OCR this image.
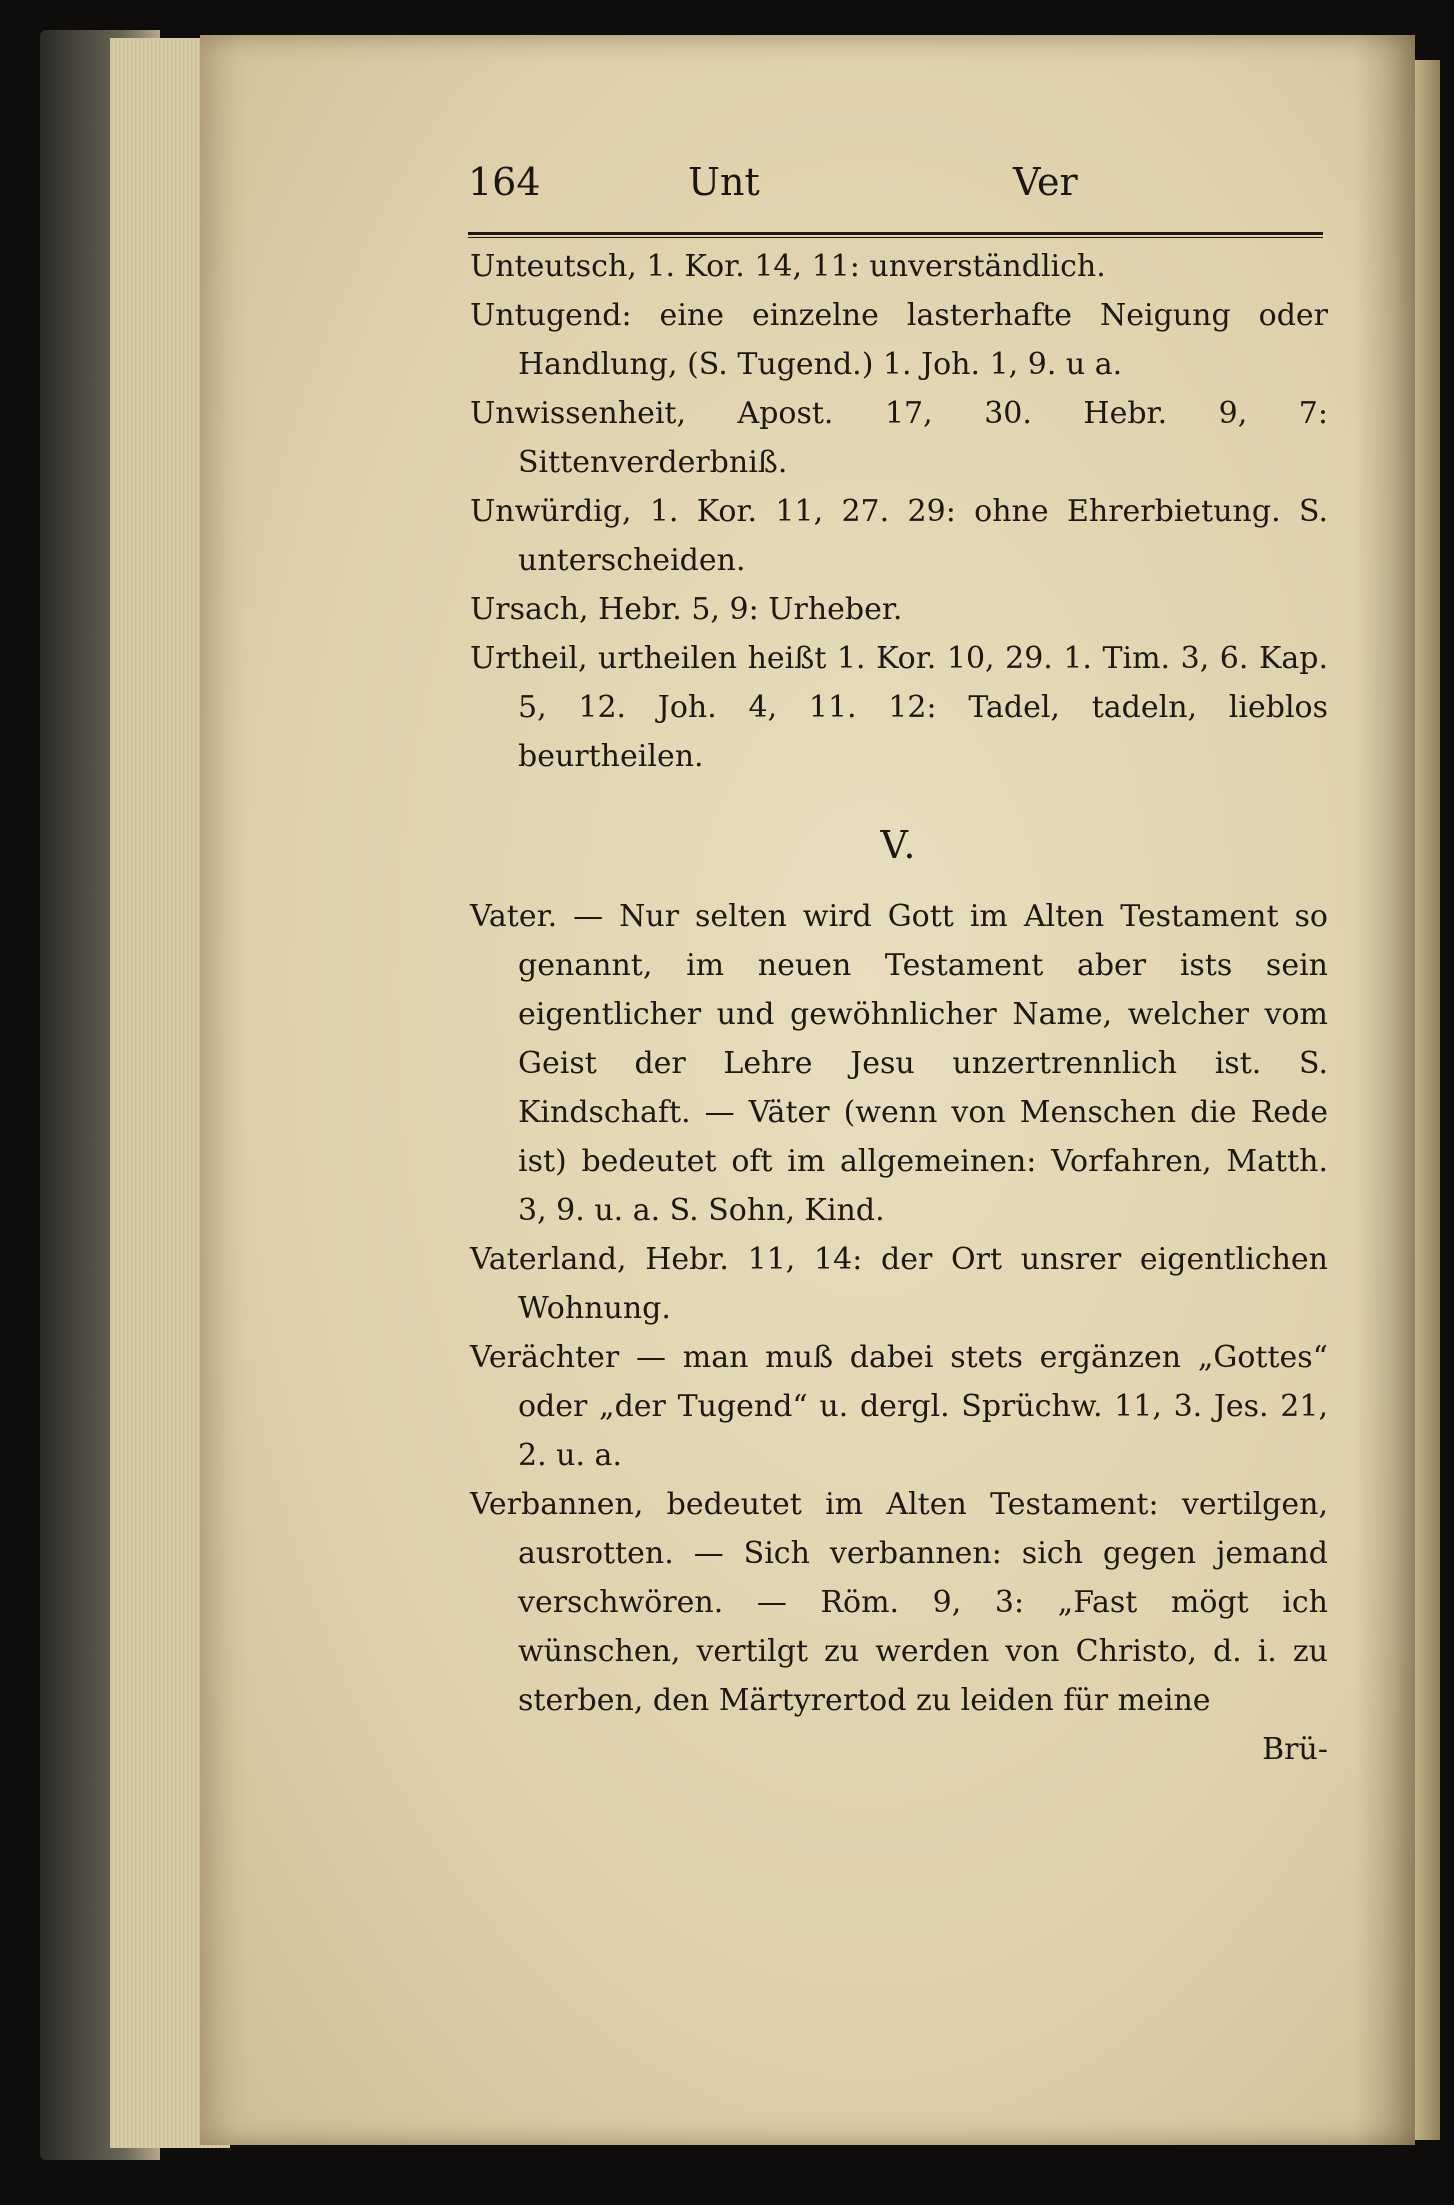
164	Unt	Ver

Unteutsch, 1. Kor. 14, 11: unverständlich.

Untugend: eine einzelne lasterhafte Neigung oder Handlung, (S. Tugend.) 1. Joh. 1, 9. u a.

Unwissenheit, Apost. 17, 30. Hebr. 9, 7: Sittenverderbniß.

Unwürdig, 1. Kor. 11, 27. 29: ohne Ehrerbietung. S. unterscheiden.

Ursach, Hebr. 5, 9: Urheber.

Urtheil, urtheilen heißt 1. Kor. 10, 29. 1. Tim. 3, 6. Kap. 5, 12. Joh. 4, 11. 12: Tadel, tadeln, lieblos beurtheilen.

V.

Vater. — Nur selten wird Gott im Alten Testament so genannt, im neuen Testament aber ists sein eigentlicher und gewöhnlicher Name, welcher vom Geist der Lehre Jesu unzertrennlich ist. S. Kindschaft. — Väter (wenn von Menschen die Rede ist) bedeutet oft im allgemeinen: Vorfahren, Matth. 3, 9. u. a. S. Sohn, Kind.

Vaterland, Hebr. 11, 14: der Ort unsrer eigentlichen Wohnung.

Verächter — man muß dabei stets ergänzen „Gottes“ oder „der Tugend“ u. dergl. Sprüchw. 11, 3. Jes. 21, 2. u. a.

Verbannen, bedeutet im Alten Testament: vertilgen, ausrotten. — Sich verbannen: sich gegen jemand verschwören. — Röm. 9, 3: „Fast mögt ich wünschen, vertilgt zu werden von Christo, d. i. zu sterben, den Märtyrertod zu leiden für meine

Brü-
